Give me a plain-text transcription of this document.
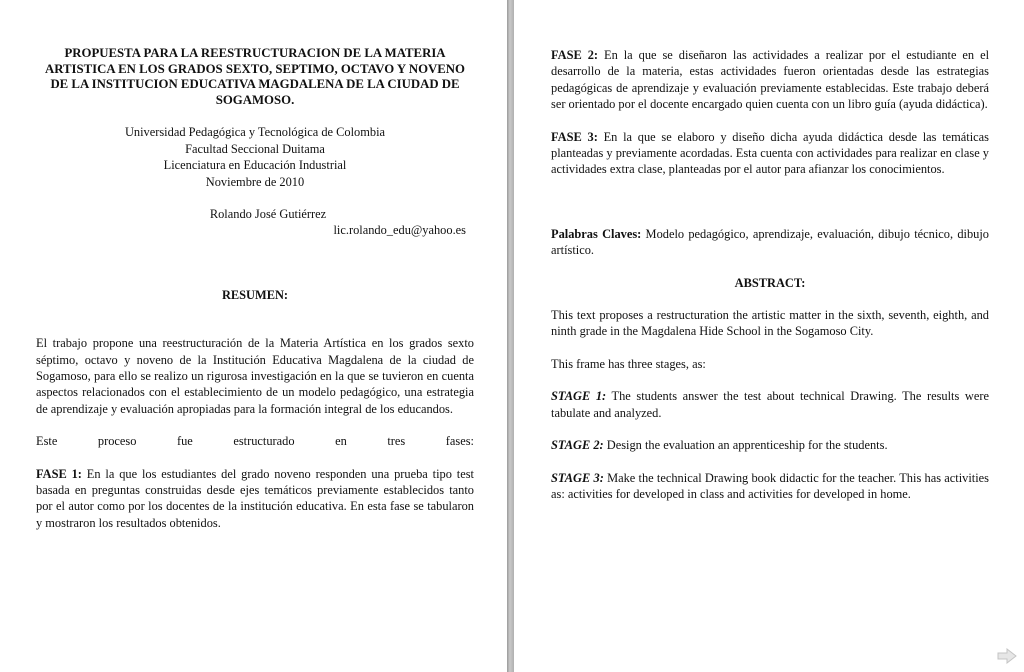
PROPUESTA PARA LA REESTRUCTURACION DE LA MATERIA ARTISTICA EN LOS GRADOS SEXTO, SEPTIMO, OCTAVO Y NOVENO DE LA INSTITUCION EDUCATIVA MAGDALENA DE LA CIUDAD DE SOGAMOSO.

Universidad Pedagógica y Tecnológica de Colombia

Facultad Seccional Duitama

Licenciatura en Educación Industrial

Noviembre de 2010

Rolando José Gutiérrez

lic.rolando_edu@yahoo.es

RESUMEN:

El trabajo propone una reestructuración de la Materia Artística en los grados sexto séptimo, octavo y noveno de la Institución Educativa Magdalena de la ciudad de Sogamoso, para ello se realizo un rigurosa investigación en la que se tuvieron en cuenta aspectos relacionados con el establecimiento de un modelo pedagógico, una estrategia de aprendizaje y evaluación apropiadas para la formación integral de los educandos.

Este proceso fue estructurado en tres fases:

FASE 1: En la que los estudiantes del grado noveno responden una prueba tipo test basada en preguntas construidas desde ejes temáticos previamente establecidos tanto por el autor como por los docentes de la institución educativa. En esta fase se tabularon y mostraron los resultados obtenidos.

FASE 2: En la que se diseñaron las actividades a realizar por el estudiante en el desarrollo de la materia, estas actividades fueron orientadas desde las estrategias pedagógicas de aprendizaje y evaluación previamente establecidas. Este trabajo deberá ser orientado por el docente encargado quien cuenta con un libro guía (ayuda didáctica).

FASE 3: En la que se elaboro y diseño dicha ayuda didáctica desde las temáticas planteadas y previamente acordadas. Esta cuenta con actividades para realizar en clase y actividades extra clase, planteadas por el autor para afianzar los conocimientos.

Palabras Claves: Modelo pedagógico, aprendizaje, evaluación, dibujo técnico, dibujo artístico.

ABSTRACT:

This text proposes a restructuration the artistic matter in the sixth, seventh, eighth, and ninth grade in the Magdalena Hide School in the Sogamoso City.

This frame has three stages, as:

STAGE 1: The students answer the test about technical Drawing. The results were tabulate and analyzed.

STAGE 2: Design the evaluation an apprenticeship for the students.

STAGE 3: Make the technical Drawing book didactic for the teacher. This has activities as: activities for developed in class and activities for developed in home.
